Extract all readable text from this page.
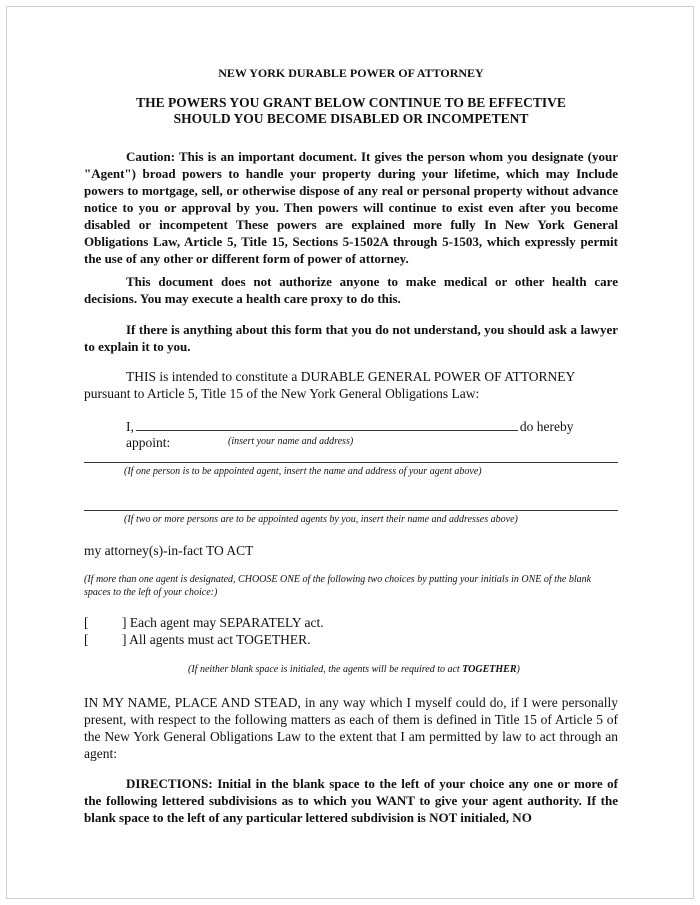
NEW YORK DURABLE POWER OF ATTORNEY
THE POWERS YOU GRANT BELOW CONTINUE TO BE EFFECTIVE
SHOULD YOU BECOME DISABLED OR INCOMPETENT
Caution: This is an important document. It gives the person whom you designate (your "Agent") broad powers to handle your property during your lifetime, which may Include powers to mortgage, sell, or otherwise dispose of any real or personal property without advance notice to you or approval by you. Then powers will continue to exist even after you become disabled or incompetent These powers are explained more fully In New York General Obligations Law, Article 5, Title 15, Sections 5-1502A through 5-1503, which expressly permit the use of any other or different form of power of attorney.
This document does not authorize anyone to make medical or other health care decisions. You may execute a health care proxy to do this.
If there is anything about this form that you do not understand, you should ask a lawyer to explain it to you.
THIS is intended to constitute a DURABLE GENERAL POWER OF ATTORNEY pursuant to Article 5, Title 15 of the New York General Obligations Law:
I,	do hereby appoint:	(insert your name and address)
(If one person is to be appointed agent, insert the name and address of your agent above)
(If two or more persons are to be appointed agents by you, insert their name and addresses above)
my attorney(s)-in-fact TO ACT
(If more than one agent is designated, CHOOSE ONE of the following two choices by putting your initials in ONE of the blank spaces to the left of your choice:)
[ ] Each agent may SEPARATELY act.
[ ] All agents must act TOGETHER.
(If neither blank space is initialed, the agents will be required to act TOGETHER)
IN MY NAME, PLACE AND STEAD, in any way which I myself could do, if I were personally present, with respect to the following matters as each of them is defined in Title 15 of Article 5 of the New York General Obligations Law to the extent that I am permitted by law to act through an agent:
DIRECTIONS: Initial in the blank space to the left of your choice any one or more of the following lettered subdivisions as to which you WANT to give your agent authority. If the blank space to the left of any particular lettered subdivision is NOT initialed, NO
